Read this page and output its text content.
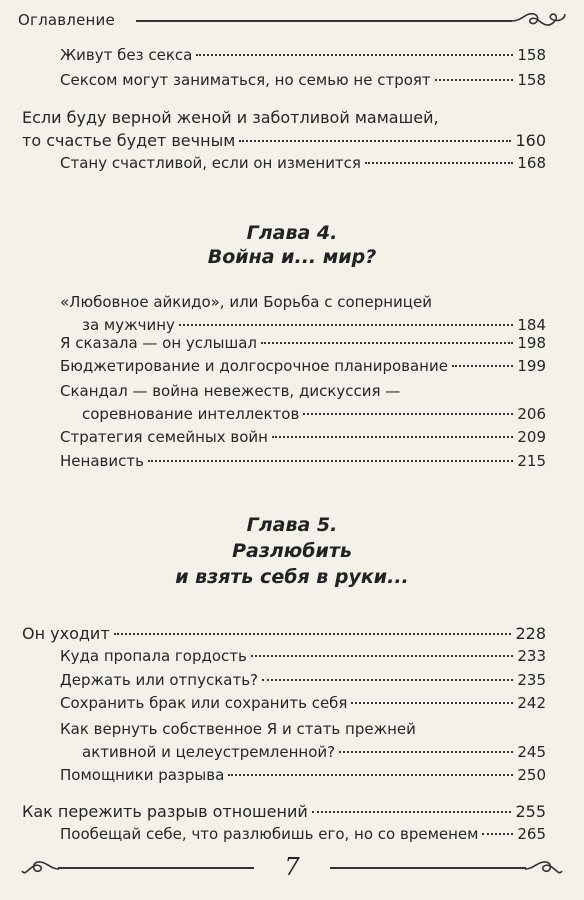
Оглавление
Живут без секса	158
Сексом могут заниматься, но семью не строят	158
Если буду верной женой и заботливой мамашей,
то счастье будет вечным	160
Стану счастливой, если он изменится	168
Глава 4.
Война и... мир?
«Любовное айкидо», или Борьба с соперницей
за мужчину	184
Я сказала — он услышал	198
Бюджетирование и долгосрочное планирование	199
Скандал — война невежеств, дискуссия —
соревнование интеллектов	206
Стратегия семейных войн	209
Ненависть	215
Глава 5.
Разлюбить
и взять себя в руки...
Он уходит	228
Куда пропала гордость	233
Держать или отпускать?	235
Сохранить брак или сохранить себя	242
Как вернуть собственное Я и стать прежней
активной и целеустремленной?	245
Помощники разрыва	250
Как пережить разрыв отношений	255
Пообещай себе, что разлюбишь его, но со временем	265
7
